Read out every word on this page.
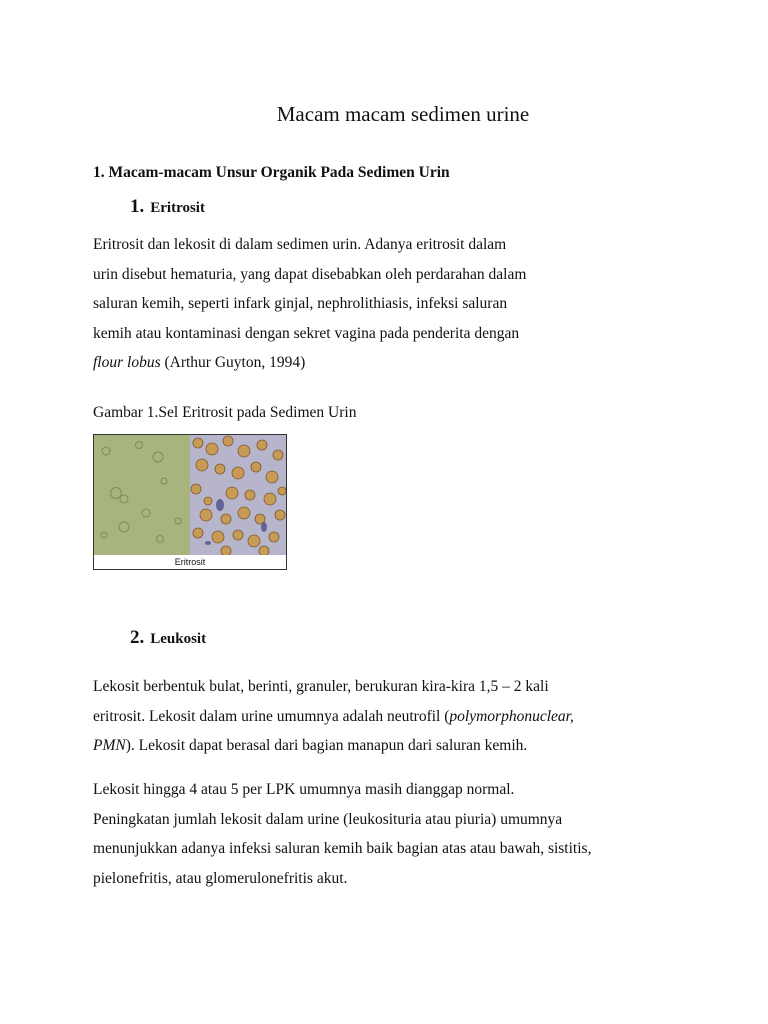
Macam macam sedimen urine
1. Macam-macam Unsur Organik Pada Sedimen Urin
1. Eritrosit
Eritrosit dan lekosit di dalam sedimen urin. Adanya eritrosit dalam
urin disebut hematuria, yang dapat disebabkan oleh perdarahan dalam
saluran kemih, seperti infark ginjal, nephrolithiasis, infeksi saluran
kemih atau kontaminasi dengan sekret vagina pada penderita dengan
flour lobus (Arthur Guyton, 1994)
Gambar 1.Sel Eritrosit pada Sedimen Urin
Eritrosit
2. Leukosit
Lekosit berbentuk bulat, berinti, granuler, berukuran kira-kira 1,5 – 2 kali
eritrosit. Lekosit dalam urine umumnya adalah neutrofil (polymorphonuclear,
PMN). Lekosit dapat berasal dari bagian manapun dari saluran kemih.
Lekosit hingga 4 atau 5 per LPK umumnya masih dianggap normal.
Peningkatan jumlah lekosit dalam urine (leukosituria atau piuria) umumnya
menunjukkan adanya infeksi saluran kemih baik bagian atas atau bawah, sistitis,
pielonefritis, atau glomerulonefritis akut.
